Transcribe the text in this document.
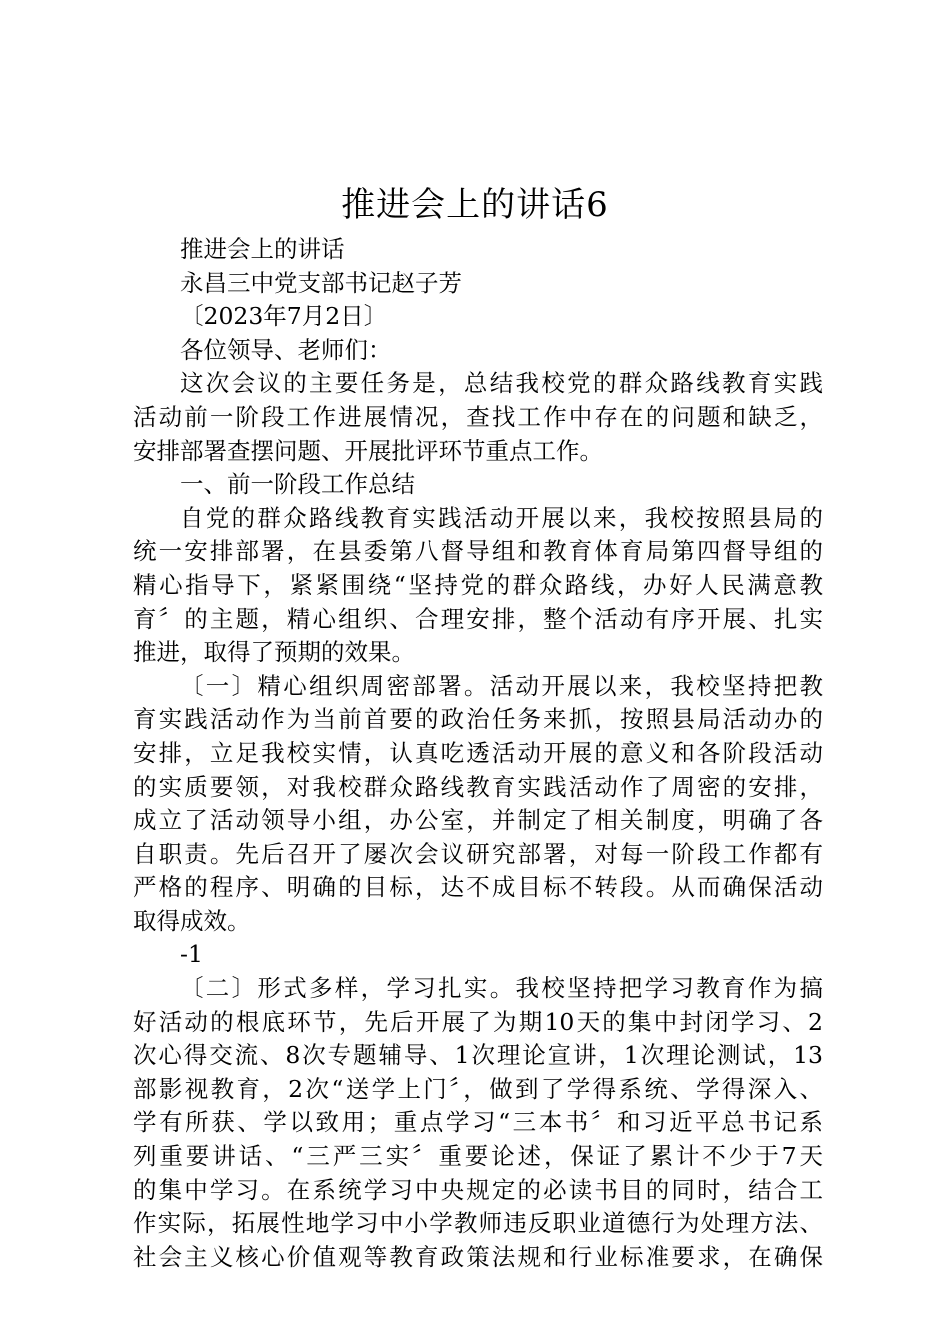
推进会上的讲话6
推进会上的讲话
永昌三中党支部书记赵子芳
〔2023年7月2日〕
各位领导、老师们：
这次会议的主要任务是，总结我校党的群众路线教育实践
活动前一阶段工作进展情况，查找工作中存在的问题和缺乏，
安排部署查摆问题、开展批评环节重点工作。
一、前一阶段工作总结
自党的群众路线教育实践活动开展以来，我校按照县局的
统一安排部署，在县委第八督导组和教育体育局第四督导组的
精心指导下，紧紧围绕“坚持党的群众路线，办好人民满意教
育〞的主题，精心组织、合理安排，整个活动有序开展、扎实
推进，取得了预期的效果。
〔一〕精心组织周密部署。活动开展以来，我校坚持把教
育实践活动作为当前首要的政治任务来抓，按照县局活动办的
安排，立足我校实情，认真吃透活动开展的意义和各阶段活动
的实质要领，对我校群众路线教育实践活动作了周密的安排，
成立了活动领导小组，办公室，并制定了相关制度，明确了各
自职责。先后召开了屡次会议研究部署，对每一阶段工作都有
严格的程序、明确的目标，达不成目标不转段。从而确保活动
取得成效。
-1
〔二〕形式多样，学习扎实。我校坚持把学习教育作为搞
好活动的根底环节，先后开展了为期10天的集中封闭学习、2
次心得交流、8次专题辅导、1次理论宣讲，1次理论测试，13
部影视教育，2次“送学上门〞，做到了学得系统、学得深入、
学有所获、学以致用；重点学习“三本书〞和习近平总书记系
列重要讲话、“三严三实〞重要论述，保证了累计不少于7天
的集中学习。在系统学习中央规定的必读书目的同时，结合工
作实际，拓展性地学习中小学教师违反职业道德行为处理方法、
社会主义核心价值观等教育政策法规和行业标准要求，在确保
